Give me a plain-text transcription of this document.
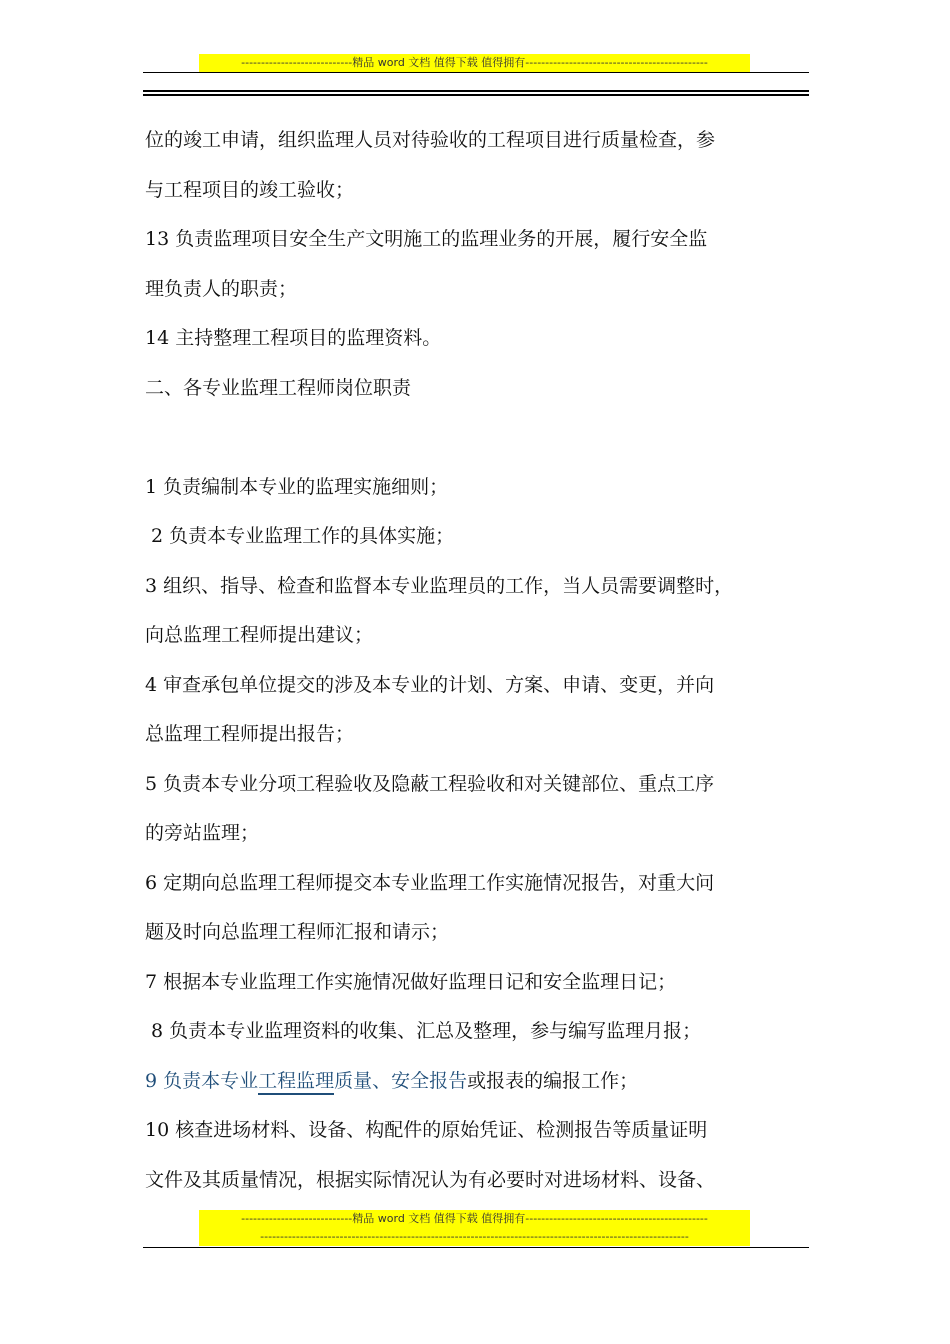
----------------------------精品 word 文档 值得下载 值得拥有----------------------------------------------
位的竣工申请，组织监理人员对待验收的工程项目进行质量检查，参
与工程项目的竣工验收；
13 负责监理项目安全生产文明施工的监理业务的开展，履行安全监
理负责人的职责；
14 主持整理工程项目的监理资料。
二、各专业监理工程师岗位职责
1 负责编制本专业的监理实施细则；
2 负责本专业监理工作的具体实施；
3 组织、指导、检查和监督本专业监理员的工作，当人员需要调整时，
向总监理工程师提出建议；
4 审查承包单位提交的涉及本专业的计划、方案、申请、变更，并向
总监理工程师提出报告；
5 负责本专业分项工程验收及隐蔽工程验收和对关键部位、重点工序
的旁站监理；
6 定期向总监理工程师提交本专业监理工作实施情况报告，对重大问
题及时向总监理工程师汇报和请示；
7 根据本专业监理工作实施情况做好监理日记和安全监理日记；
8 负责本专业监理资料的收集、汇总及整理，参与编写监理月报；
9 负责本专业工程监理质量、安全报告或报表的编报工作；
10 核查进场材料、设备、构配件的原始凭证、检测报告等质量证明
文件及其质量情况，根据实际情况认为有必要时对进场材料、设备、
----------------------------精品 word 文档 值得下载 值得拥有----------------------------------------------
------------------------------------------------------------------------------------------------------------
